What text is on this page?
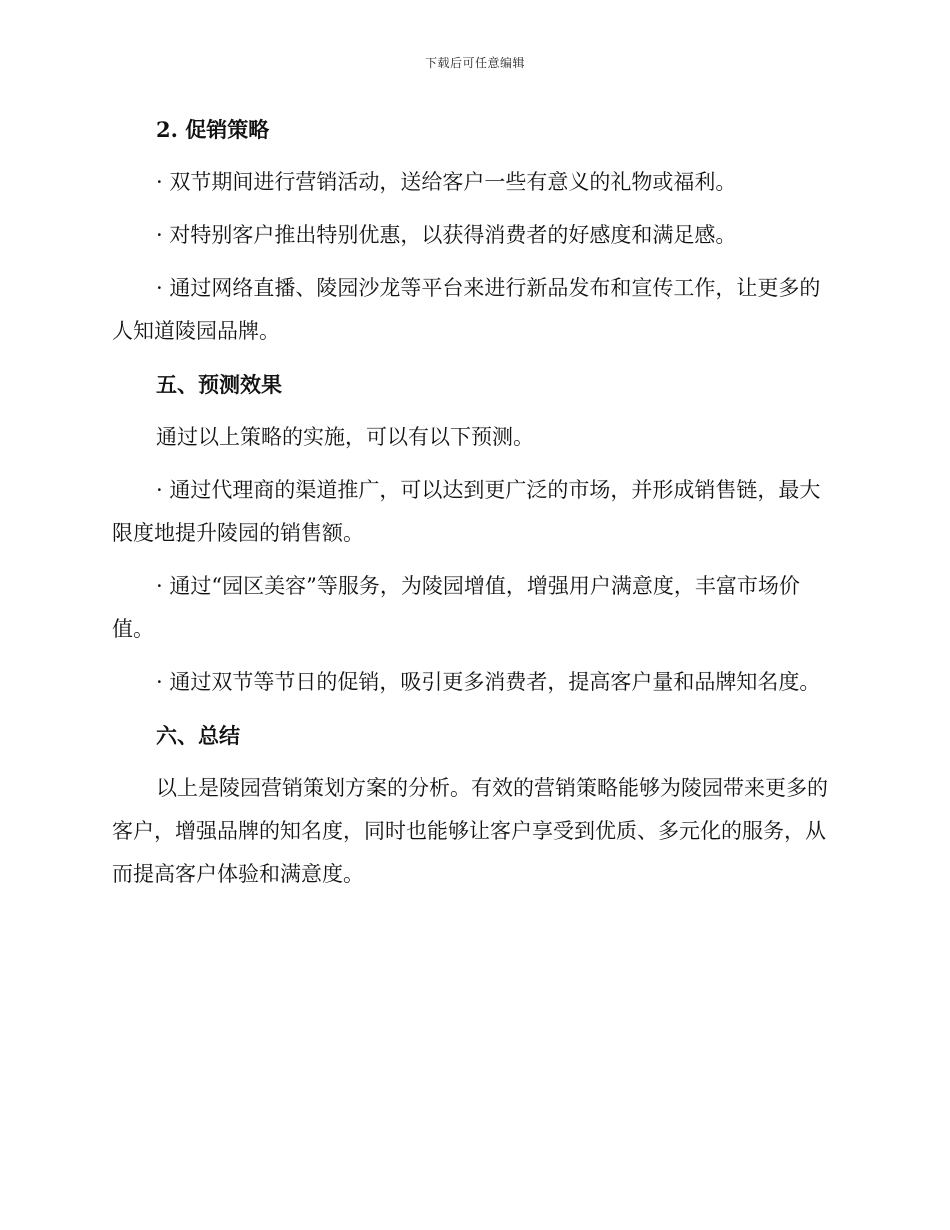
下载后可任意编辑
2. 促销策略
· 双节期间进行营销活动，送给客户一些有意义的礼物或福利。
· 对特别客户推出特别优惠，以获得消费者的好感度和满足感。
· 通过网络直播、陵园沙龙等平台来进行新品发布和宣传工作，让更多的人知道陵园品牌。
五、预测效果
通过以上策略的实施，可以有以下预测。
· 通过代理商的渠道推广，可以达到更广泛的市场，并形成销售链，最大限度地提升陵园的销售额。
· 通过“园区美容”等服务，为陵园增值，增强用户满意度，丰富市场价值。
· 通过双节等节日的促销，吸引更多消费者，提高客户量和品牌知名度。
六、总结
以上是陵园营销策划方案的分析。有效的营销策略能够为陵园带来更多的客户，增强品牌的知名度，同时也能够让客户享受到优质、多元化的服务，从而提高客户体验和满意度。
